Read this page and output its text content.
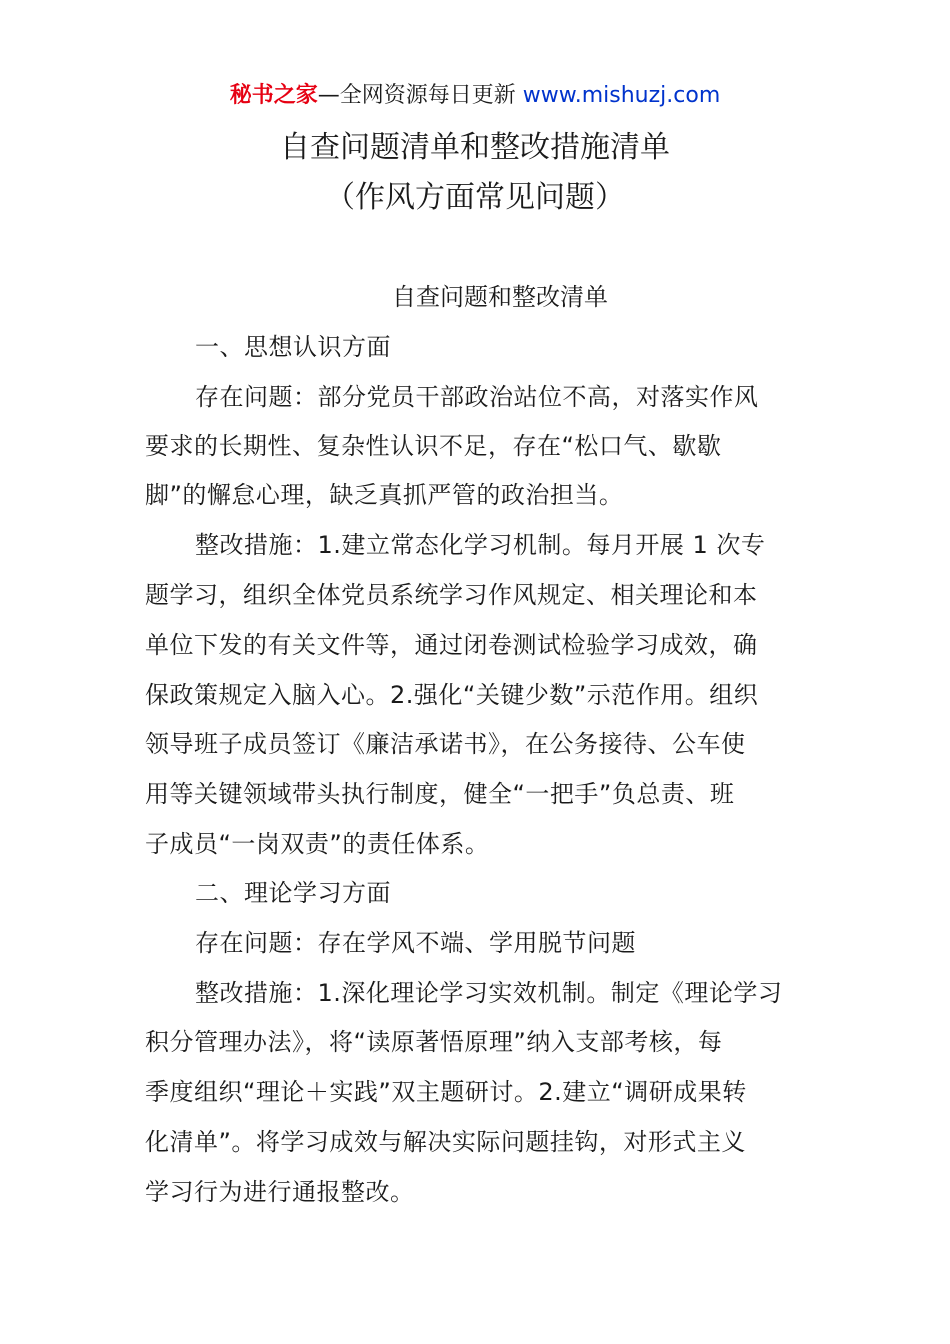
秘书之家—全网资源每日更新 www.mishuzj.com
自查问题清单和整改措施清单
（作风方面常见问题）
自查问题和整改清单
一、思想认识方面
存在问题：部分党员干部政治站位不高，对落实作风
要求的长期性、复杂性认识不足，存在“松口气、歇歇
脚”的懈怠心理，缺乏真抓严管的政治担当。
整改措施：1.建立常态化学习机制。每月开展 1 次专
题学习，组织全体党员系统学习作风规定、相关理论和本
单位下发的有关文件等，通过闭卷测试检验学习成效，确
保政策规定入脑入心。2.强化“关键少数”示范作用。组织
领导班子成员签订《廉洁承诺书》，在公务接待、公车使
用等关键领域带头执行制度，健全“一把手”负总责、班
子成员“一岗双责”的责任体系。
二、理论学习方面
存在问题：存在学风不端、学用脱节问题
整改措施：1.深化理论学习实效机制。制定《理论学习
积分管理办法》，将“读原著悟原理”纳入支部考核，每
季度组织“理论＋实践”双主题研讨。2.建立“调研成果转
化清单”。将学习成效与解决实际问题挂钩，对形式主义
学习行为进行通报整改。
